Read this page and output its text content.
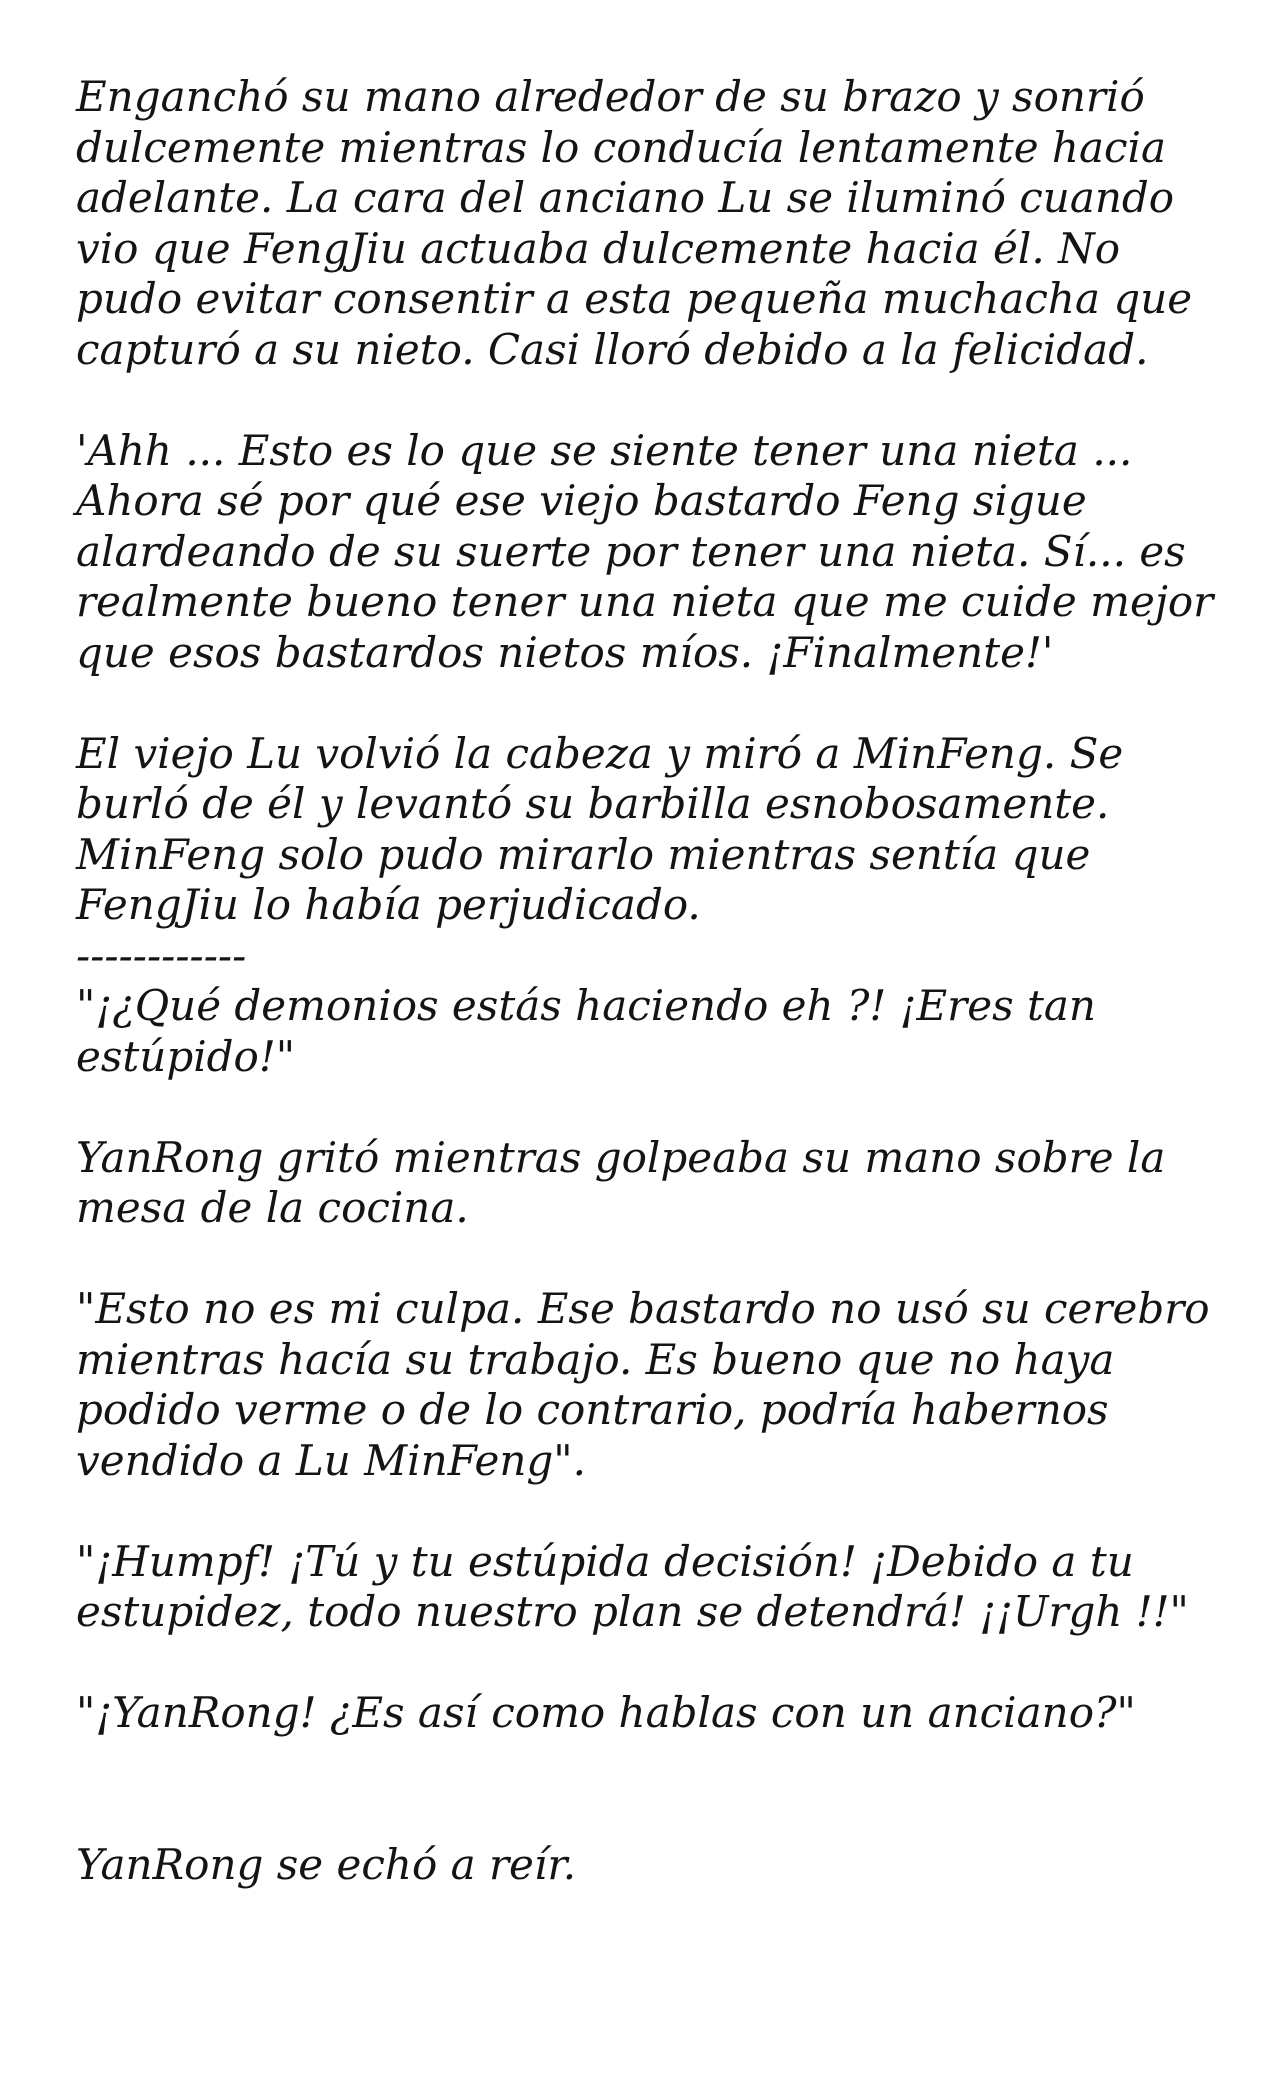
Enganchó su mano alrededor de su brazo y sonrió
dulcemente mientras lo conducía lentamente hacia
adelante. La cara del anciano Lu se iluminó cuando
vio que FengJiu actuaba dulcemente hacia él. No
pudo evitar consentir a esta pequeña muchacha que
capturó a su nieto. Casi lloró debido a la felicidad.
'Ahh ... Esto es lo que se siente tener una nieta ...
Ahora sé por qué ese viejo bastardo Feng sigue
alardeando de su suerte por tener una nieta. Sí... es
realmente bueno tener una nieta que me cuide mejor
que esos bastardos nietos míos. ¡Finalmente!'
El viejo Lu volvió la cabeza y miró a MinFeng. Se
burló de él y levantó su barbilla esnobosamente.
MinFeng solo pudo mirarlo mientras sentía que
FengJiu lo había perjudicado.
------------
"¡¿Qué demonios estás haciendo eh ?! ¡Eres tan
estúpido!"
YanRong gritó mientras golpeaba su mano sobre la
mesa de la cocina.
"Esto no es mi culpa. Ese bastardo no usó su cerebro
mientras hacía su trabajo. Es bueno que no haya
podido verme o de lo contrario, podría habernos
vendido a Lu MinFeng".
"¡Humpf! ¡Tú y tu estúpida decisión! ¡Debido a tu
estupidez, todo nuestro plan se detendrá! ¡¡Urgh !!"
"¡YanRong! ¿Es así como hablas con un anciano?"
YanRong se echó a reír.
